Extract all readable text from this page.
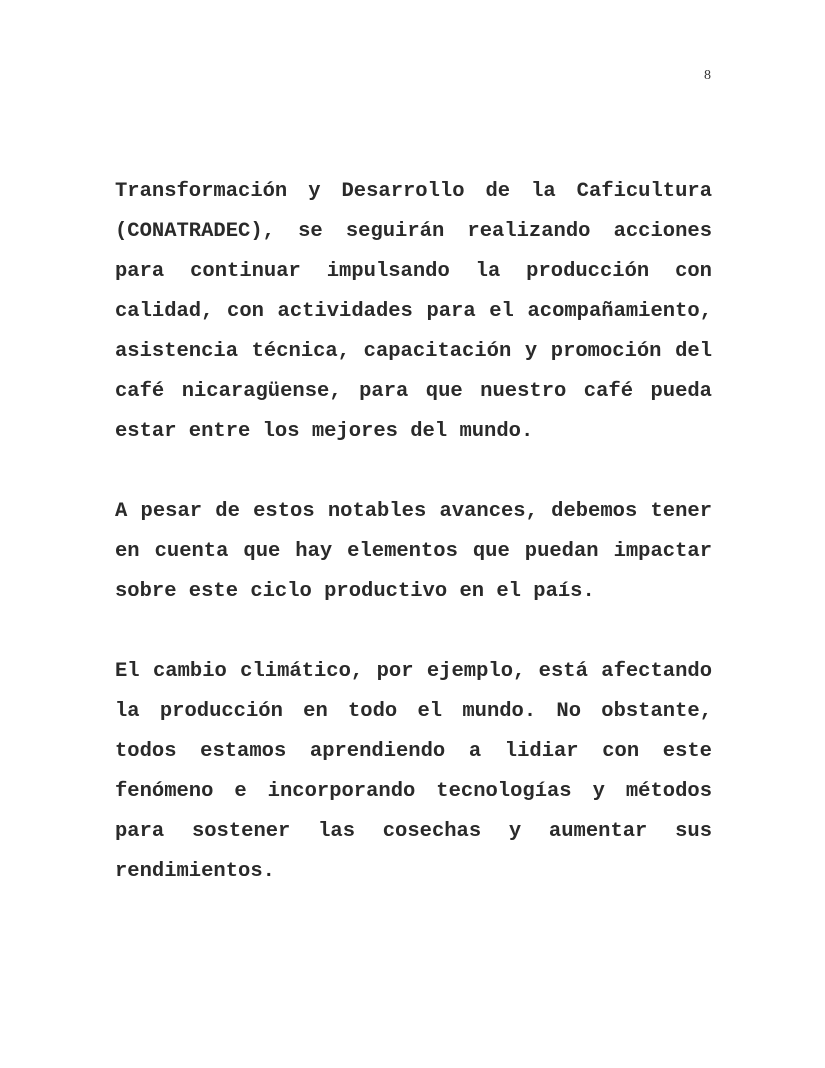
8

Transformación y Desarrollo de la Caficultura (CONATRADEC), se seguirán realizando acciones para continuar impulsando la producción con calidad, con actividades para el acompañamiento, asistencia técnica, capacitación y promoción del café nicaragüense, para que nuestro café pueda estar entre los mejores del mundo.

A pesar de estos notables avances, debemos tener en cuenta que hay elementos que puedan impactar sobre este ciclo productivo en el país.

El cambio climático, por ejemplo, está afectando la producción en todo el mundo. No obstante, todos estamos aprendiendo a lidiar con este fenómeno e incorporando tecnologías y métodos para sostener las cosechas y aumentar sus rendimientos.
